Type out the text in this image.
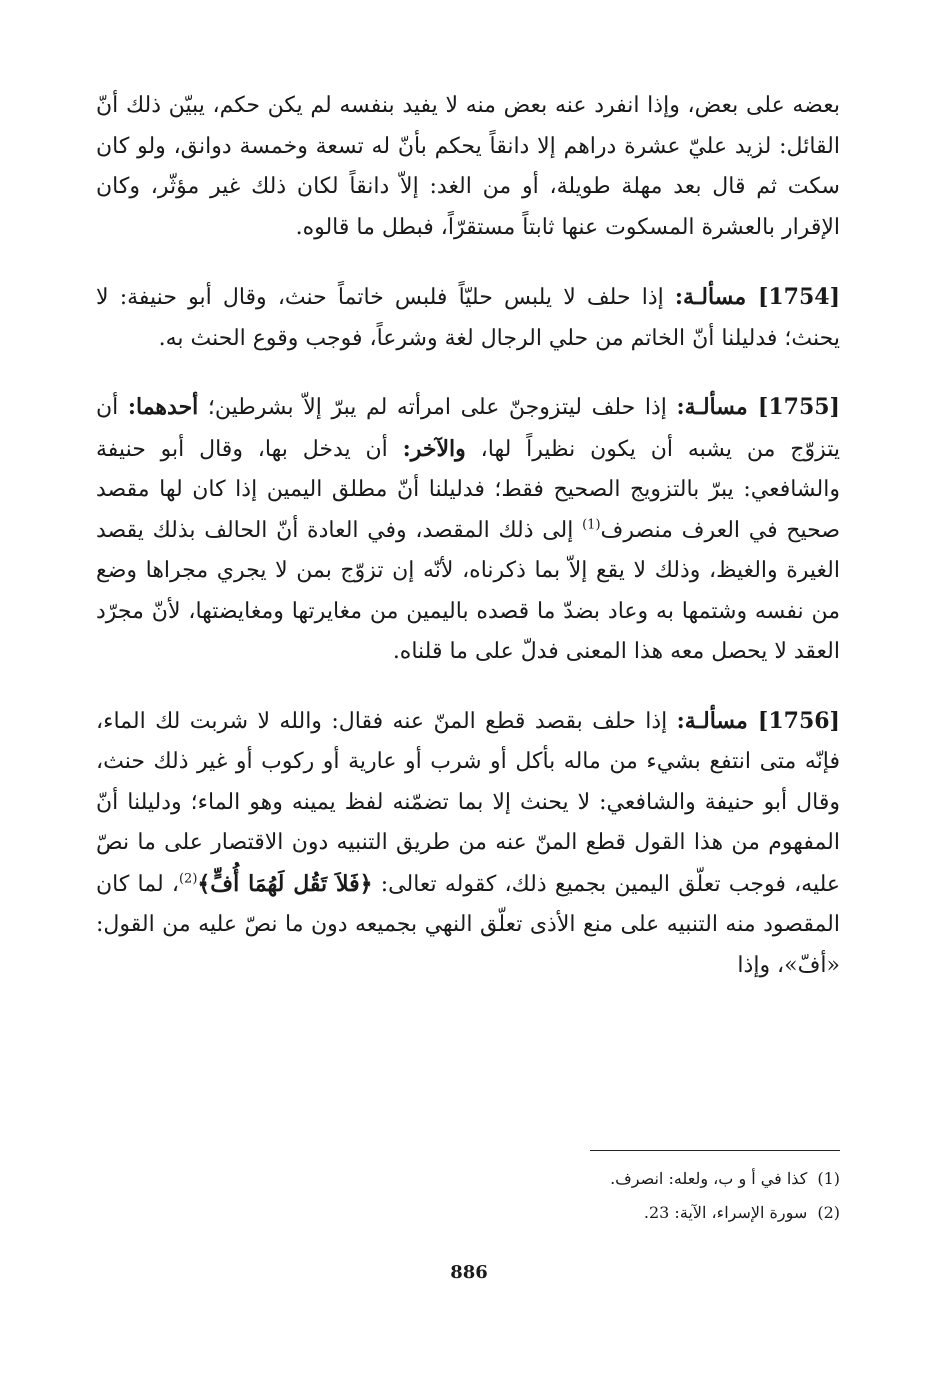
بعضه على بعض، وإذا انفرد عنه بعض منه لا يفيد بنفسه لم يكن حكم، يبيّن ذلك أنّ القائل: لزيد عليّ عشرة دراهم إلا دانقاً يحكم بأنّ له تسعة وخمسة دوانق، ولو كان سكت ثم قال بعد مهلة طويلة، أو من الغد: إلاّ دانقاً لكان ذلك غير مؤثّر، وكان الإقرار بالعشرة المسكوت عنها ثابتاً مستقرّاً، فبطل ما قالوه.

[1754] مسألـة: إذا حلف لا يلبس حليّاً فلبس خاتماً حنث، وقال أبو حنيفة: لا يحنث؛ فدليلنا أنّ الخاتم من حلي الرجال لغة وشرعاً، فوجب وقوع الحنث به.

[1755] مسألـة: إذا حلف ليتزوجنّ على امرأته لم يبرّ إلاّ بشرطين؛ أحدهما: أن يتزوّج من يشبه أن يكون نظيراً لها، والآخر: أن يدخل بها، وقال أبو حنيفة والشافعي: يبرّ بالتزويج الصحيح فقط؛ فدليلنا أنّ مطلق اليمين إذا كان لها مقصد صحيح في العرف منصرف$^{(1)}$ إلى ذلك المقصد، وفي العادة أنّ الحالف بذلك يقصد الغيرة والغيظ، وذلك لا يقع إلاّ بما ذكرناه، لأنّه إن تزوّج بمن لا يجري مجراها وضع من نفسه وشتمها به وعاد بضدّ ما قصده باليمين من مغايرتها ومغايضتها، لأنّ مجرّد العقد لا يحصل معه هذا المعنى فدلّ على ما قلناه.

[1756] مسألـة: إذا حلف بقصد قطع المنّ عنه فقال: والله لا شربت لك الماء، فإنّه متى انتفع بشيء من ماله بأكل أو شرب أو عارية أو ركوب أو غير ذلك حنث، وقال أبو حنيفة والشافعي: لا يحنث إلا بما تضمّنه لفظ يمينه وهو الماء؛ ودليلنا أنّ المفهوم من هذا القول قطع المنّ عنه من طريق التنبيه دون الاقتصار على ما نصّ عليه، فوجب تعلّق اليمين بجميع ذلك، كقوله تعالى: ﴿فَلاَ تَقُل لَهُمَا أُفٍّ﴾$^{(2)}$، لما كان المقصود منه التنبيه على منع الأذى تعلّق النهي بجميعه دون ما نصّ عليه من القول: «أفّ»، وإذا

(1)
كذا في أ و ب، ولعله: انصرف.
(2)
سورة الإسراء، الآية: 23.
886
